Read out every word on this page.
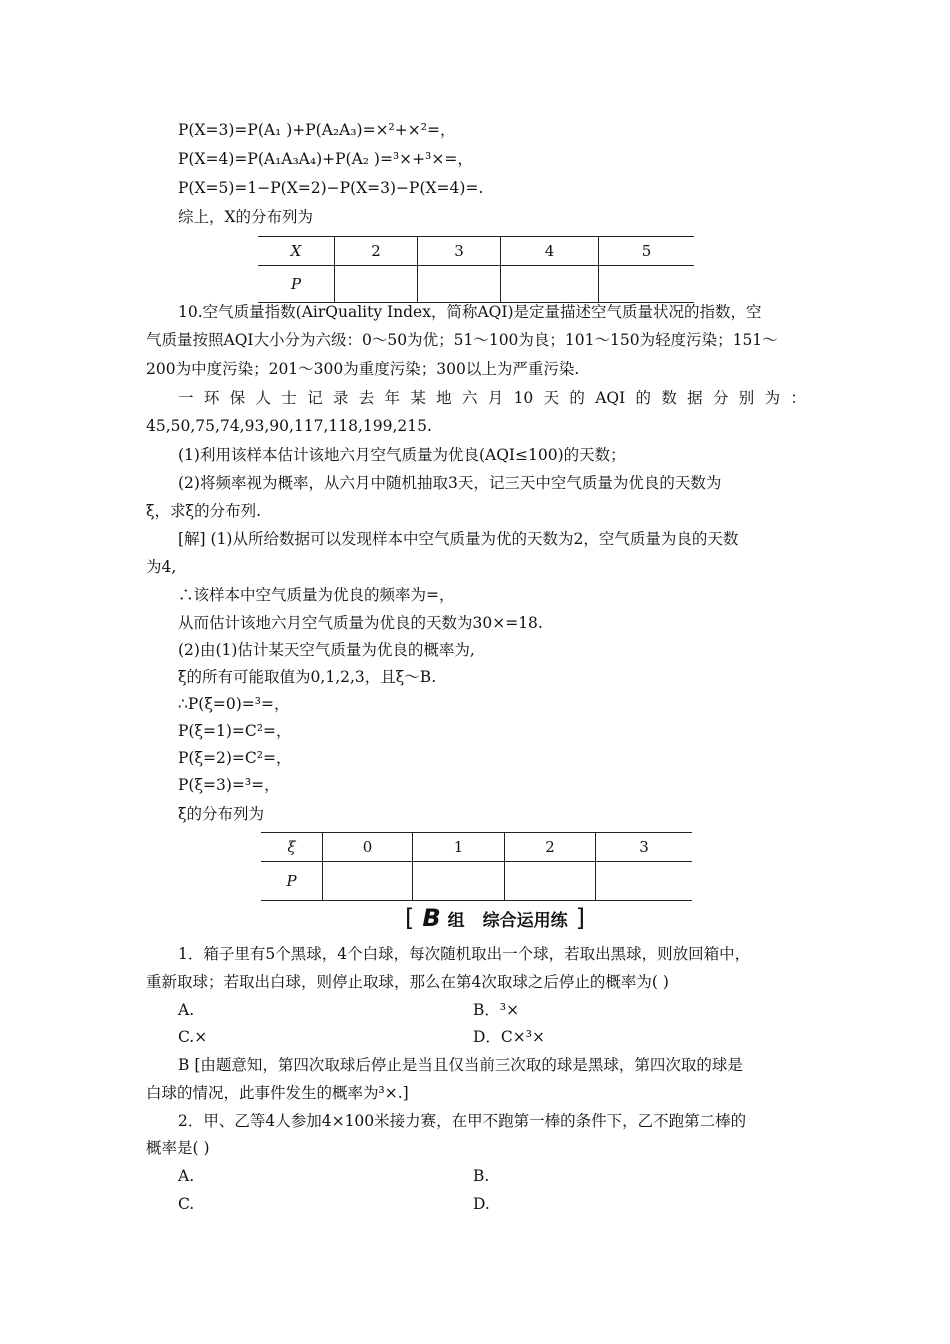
P(X=3)=P(A₁ )+P(A₂A₃)=×²+×²=，
P(X=4)=P(A₁A₃A₄)+P(A₂ )=³×+³×=，
P(X=5)=1−P(X=2)−P(X=3)−P(X=4)=.
综上，X的分布列为
X	2	3	4	5
P				
10.空气质量指数(AirQuality Index，简称AQI)是定量描述空气质量状况的指数，空
气质量按照AQI大小分为六级：0～50为优；51～100为良；101～150为轻度污染；151～
200为中度污染；201～300为重度污染；300以上为严重污染.
一 环 保 人 士 记 录 去 年 某 地 六 月 10 天 的 AQI 的 数 据 分 别 为 ：
45,50,75,74,93,90,117,118,199,215.
(1)利用该样本估计该地六月空气质量为优良(AQI≤100)的天数；
(2)将频率视为概率，从六月中随机抽取3天，记三天中空气质量为优良的天数为
ξ，求ξ的分布列.
[解] (1)从所给数据可以发现样本中空气质量为优的天数为2，空气质量为良的天数
为4,
∴该样本中空气质量为优良的频率为=，
从而估计该地六月空气质量为优良的天数为30×=18.
(2)由(1)估计某天空气质量为优良的概率为,
ξ的所有可能取值为0,1,2,3，且ξ～B.
∴P(ξ=0)=³=，
P(ξ=1)=C²=，
P(ξ=2)=C²=，
P(ξ=3)=³=，
ξ的分布列为
ξ	0	1	2	3
P				
[ B 组 综合运用练 ]
1．箱子里有5个黑球，4个白球，每次随机取出一个球，若取出黑球，则放回箱中，
重新取球；若取出白球，则停止取球，那么在第4次取球之后停止的概率为( )
A.	B．³×
C.×	D．C×³×
B [由题意知，第四次取球后停止是当且仅当前三次取的球是黑球，第四次取的球是
白球的情况，此事件发生的概率为³×.]
2．甲、乙等4人参加4×100米接力赛，在甲不跑第一棒的条件下，乙不跑第二棒的
概率是( )
A.	B.
C.	D.
